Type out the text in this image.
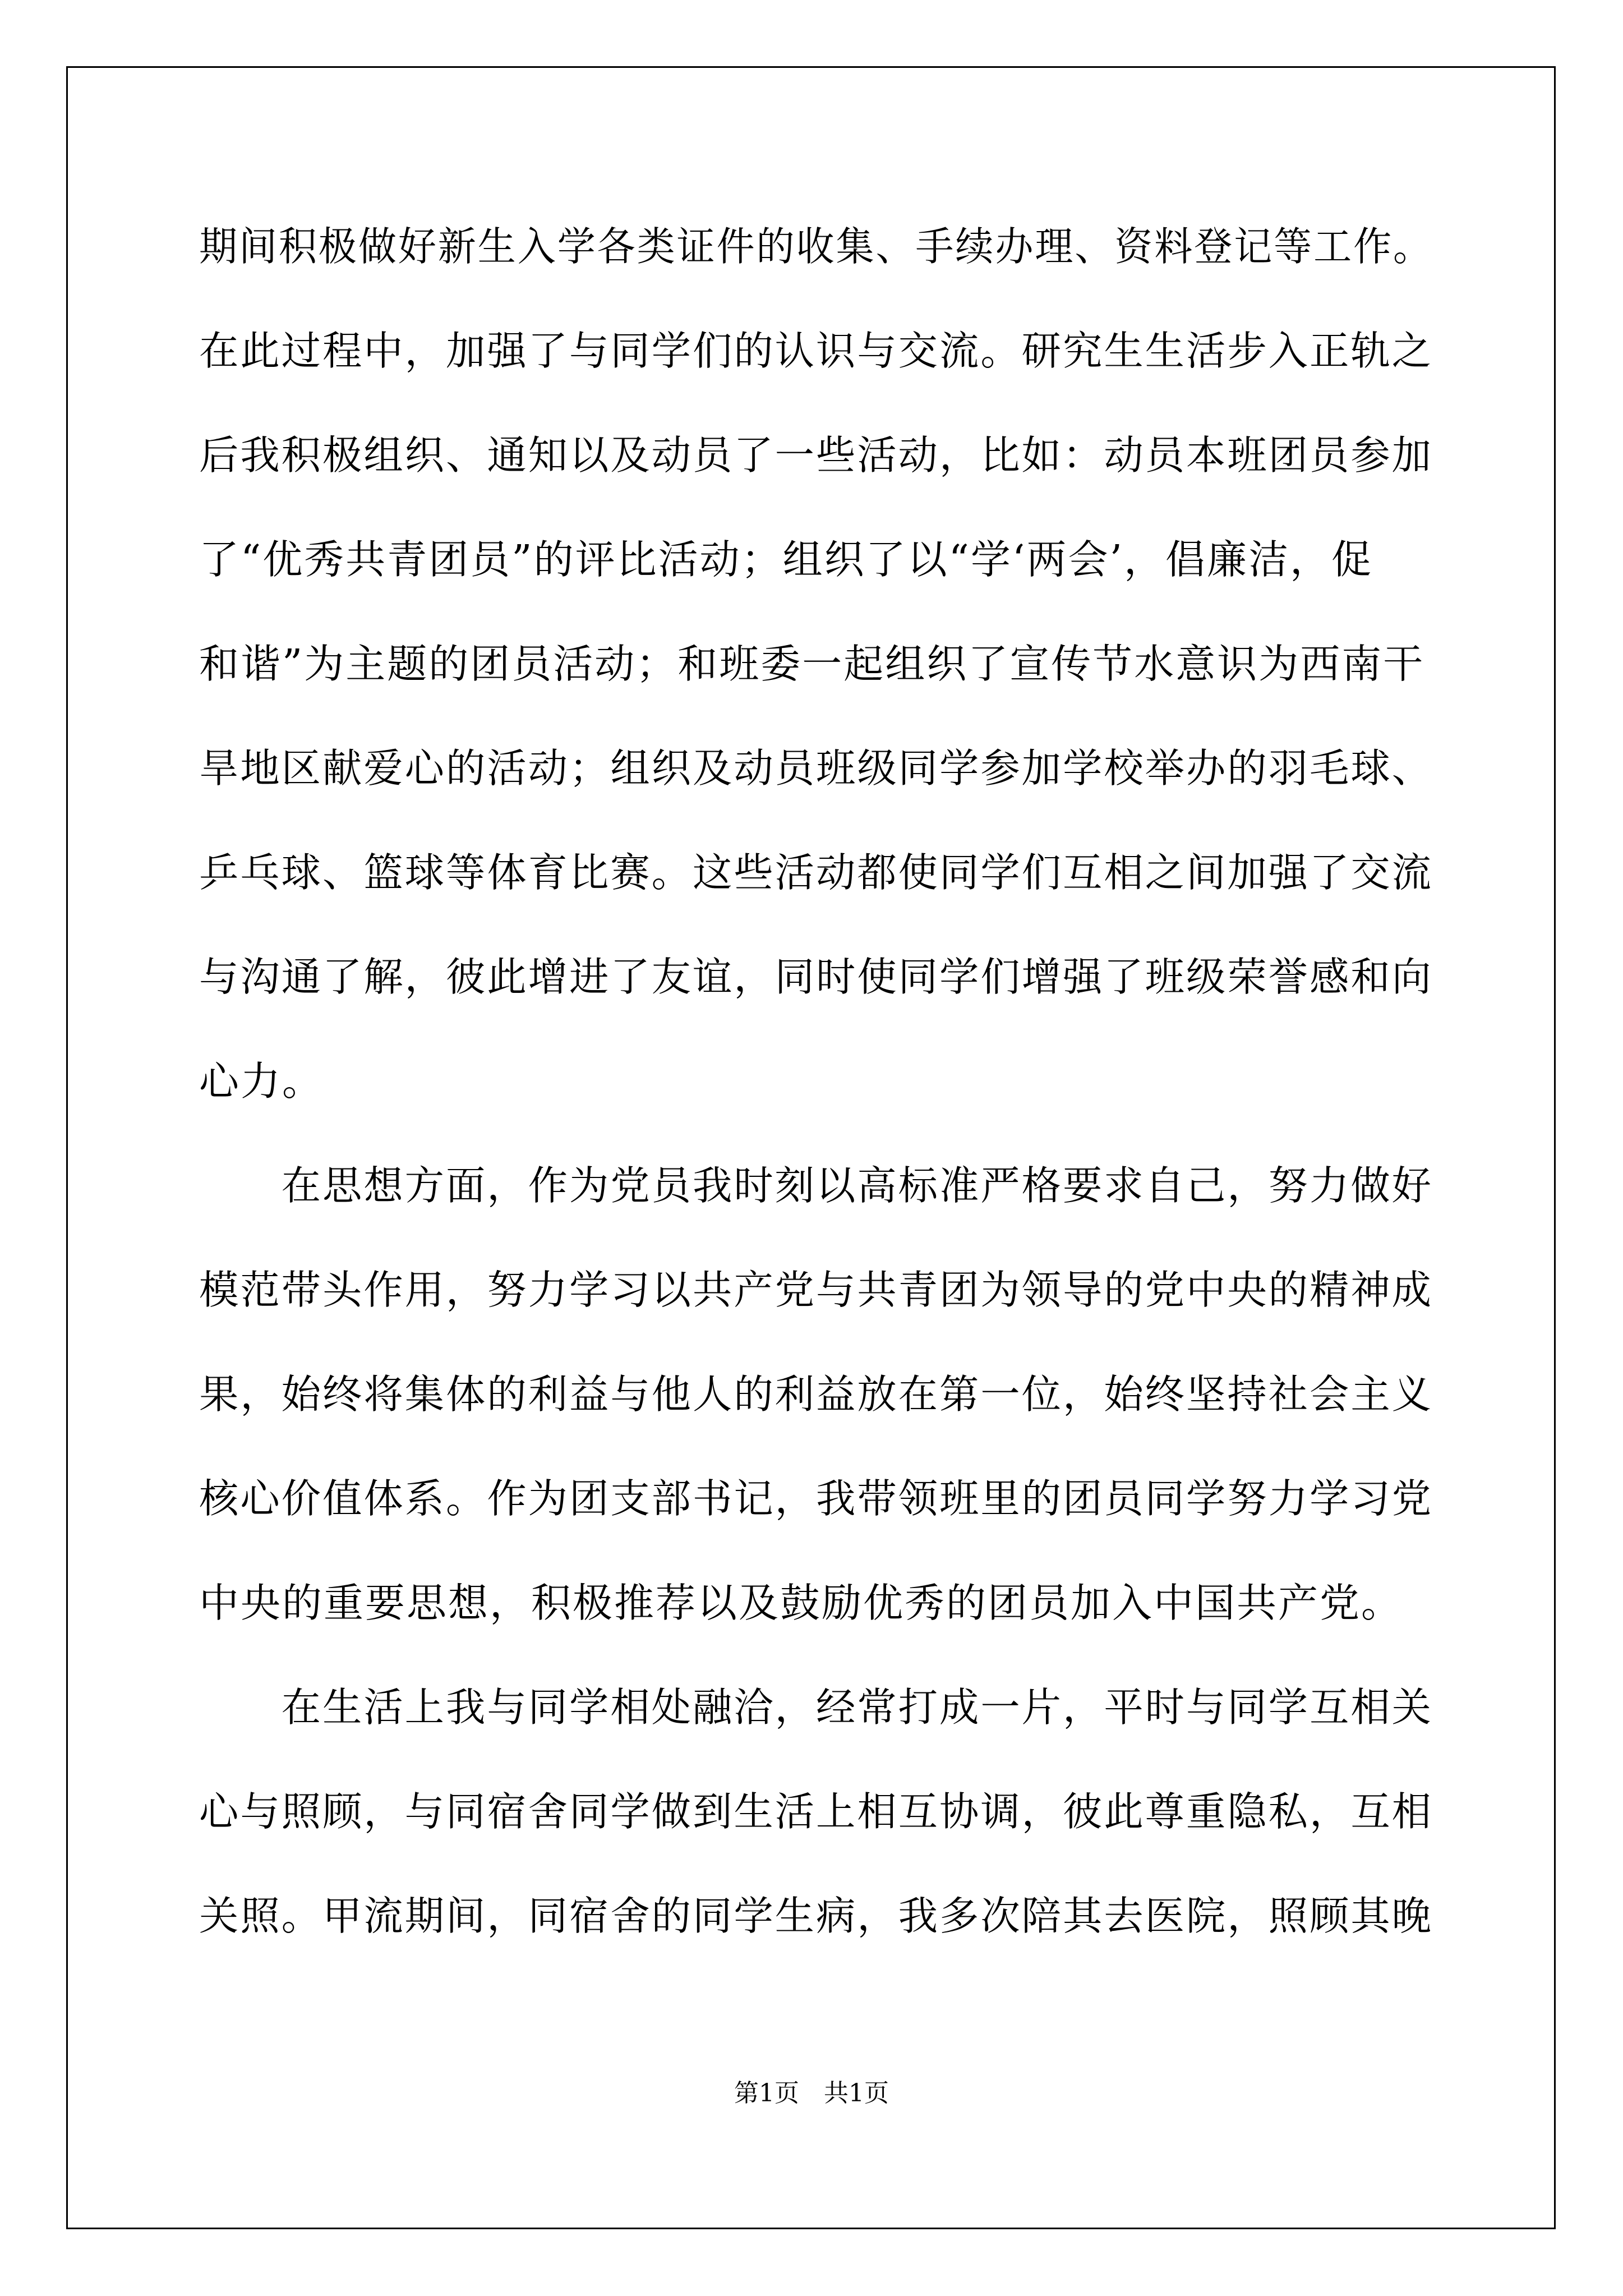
期间积极做好新生入学各类证件的收集、手续办理、资料登记等工作。
在此过程中，加强了与同学们的认识与交流。研究生生活步入正轨之
后我积极组织、通知以及动员了一些活动，比如：动员本班团员参加
了“优秀共青团员”的评比活动；组织了以“学‘两会’，倡廉洁，促
和谐”为主题的团员活动；和班委一起组织了宣传节水意识为西南干
旱地区献爱心的活动；组织及动员班级同学参加学校举办的羽毛球、
乒乓球、篮球等体育比赛。这些活动都使同学们互相之间加强了交流
与沟通了解，彼此增进了友谊，同时使同学们增强了班级荣誉感和向
心力。
　　在思想方面，作为党员我时刻以高标准严格要求自己，努力做好
模范带头作用，努力学习以共产党与共青团为领导的党中央的精神成
果，始终将集体的利益与他人的利益放在第一位，始终坚持社会主义
核心价值体系。作为团支部书记，我带领班里的团员同学努力学习党
中央的重要思想，积极推荐以及鼓励优秀的团员加入中国共产党。
　　在生活上我与同学相处融洽，经常打成一片，平时与同学互相关
心与照顾，与同宿舍同学做到生活上相互协调，彼此尊重隐私，互相
关照。甲流期间，同宿舍的同学生病，我多次陪其去医院，照顾其晚
第1页　共1页
